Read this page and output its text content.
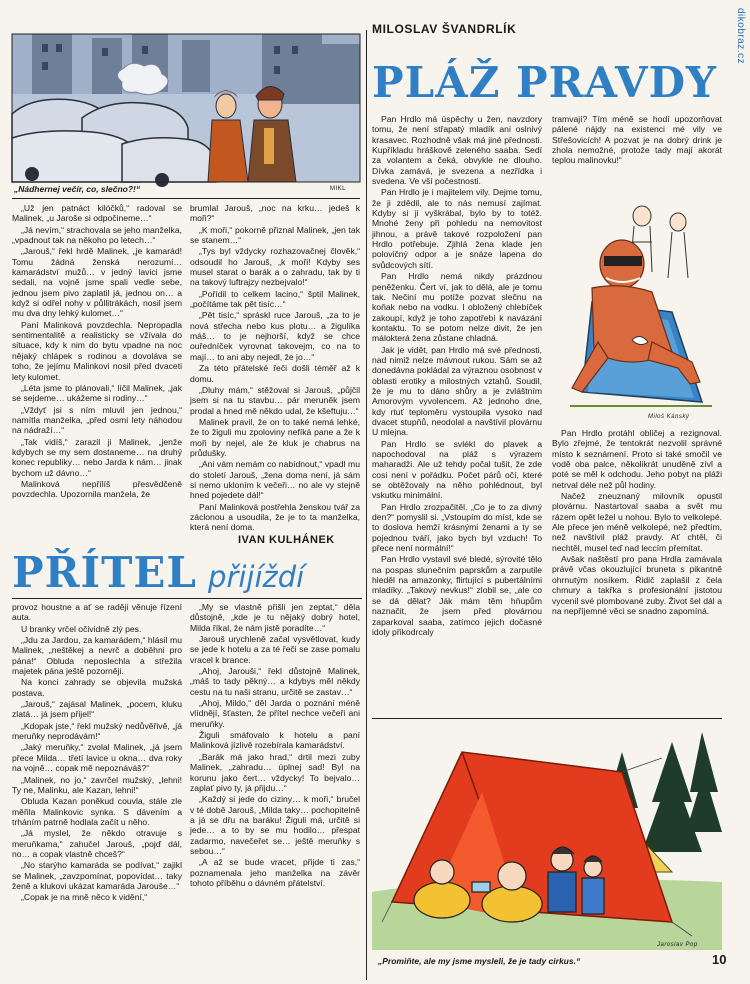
dikobraz.cz
„Nádhernej večír, co, slečno?!“	MIKL

„Už jen patnáct kilóčků,“ radoval se Malinek, „u Jaroše si odpočineme…“

„Já nevím,“ strachovala se jeho manželka, „vpadnout tak na někoho po letech…“

„Jarouš,“ řekl hrdě Malinek, „je kamarád! Tomu žádná ženská nerozumí… kamarádství mužů… v jedný lavici jsme sedali, na vojně jsme spali vedle sebe, jednou jsem pivo zaplatil já, jednou on… a když si odřel nohy v půllitrákách, nosil jsem mu dva dny lehký kulomet…“

Paní Malinková povzdechla. Nepropadla sentimentalitě a realisticky se vžívala do situace, kdy k nim do bytu vpadne na noc nějaký chlápek s rodinou a dovoláva se toho, že jejímu Malinkovi nosil před dvaceti lety kulomet.

„Léta jsme to plánovali,“ líčil Malinek, „jak se sejdeme… ukážeme si rodiny…“

„Vždyť jsi s ním mluvil jen jednou,“ namítla manželka, „před osmi lety náhodou na nádraží…“

„Tak vidíš,“ zarazil ji Malinek, „jenže kdybych se my sem dostaneme… na druhý konec republiky… nebo Jarda k nám… jinak bychom už dávno…“

Malinková nepřílíš přesvědčeně povzdechla. Upozornila manžela, že

brumlal Jarouš, „noc na krku… jedeš k moři?“

„K moři,“ pokorně přiznal Malinek, „jen tak se stanem…“

„Tys byl vždycky rozhazovačnej člověk,“ odsoudil ho Jarouš, „k moři! Kdyby ses musel starat o barák a o zahradu, tak by ti na takový luftrajzy nezbejvalo!“

„Pořídil to celkem lacino,“ šptil Malinek, „počítáme tak pět tisíc…“

„Pět tisíc,“ spráskl ruce Jarouš, „za to je nová střecha nebo kus plotu… a žigulíka máš… to je nejhorší, když se chce ouředníček vyrovnat takovejm, co na to mají… to ani aby nejedl, že jo…“

Za této přátelské řeči došli téměř až k domu.

„Dluhy mám,“ stěžoval si Jarouš, „půjčil jsem si na tu stavbu… pár meruněk jsem prodal a hned mě někdo udal, že kšeftuju…“

Malinek pravil, že on to také nemá lehké, že to žiguli mu zpoloviny nefíká pane a že k moři by nejel, ale že kluk je chabrus na průdušky.

„Ani vám nemám co nabídnout,“ vpadl mu do století Jarouš, „žena doma není, já sám si nemo ukloním k večeři… no ale vy stejně hned pojedete dál!“

Paní Malinková postřehla ženskou tvář za záclonou a usoudila, že je to ta manželka, která není doma.

IVAN KULHÁNEK
PŘÍTEL přijíždí

provoz houstne a ať se raději věnuje řízení auta.

U branky vrčel očividně zlý pes.

„Jdu za Jardou, za kamarádem,“ hlásil mu Malinek, „neštěkej a nevrč a doběhni pro pána!“ Obluda neposlechla a střežila majetek pána ještě pozorněji.

Na konci zahrady se objevila mužská postava.

„Jarouš,“ zajásal Malinek, „pocem, kluku zlatá… já jsem přijel!“

„Kdopak jste,“ řekl mužský nedůvěřivě, „já meruňky neprodávám!“

„Jaký meruňky,“ zvolal Malinek, „já jsem přece Milda… třetí lavice u okna… dva roky na vojně… copak mě nepoznáváš?“

„Malinek, no jo,“ zavrčel mužský, „lehni! Ty ne, Malinku, ale Kazan, lehni!“

Obluda Kazan poněkud couvla, stále zle měřila Malinkovic synka. S dávením a trháním patrně hodlala začít u něho.

„Já myslel, že někdo otravuje s meruňkama,“ zahučel Jarouš, „pojď dál, no… a copak vlastně chceš?“

„No starýho kamaráda se podívat,“ zajikl se Malinek, „zavzpomínat, popovídat… taky ženě a klukovi ukázat kamaráda Jarouše…“

„Copak je na mně něco k vidění,“

„My se vlastně přišli jen zeptat,“ děla důstojně, „kde je tu nějaký dobrý hotel, Milda říkal, že nám jistě poradíte…“

Jarouš urychleně začal vysvětlovat, kudy se jede k hotelu a za té řeči se zase pomalu vracel k brance.

„Ahoj, Jarouši,“ řekl důstojně Malinek, „máš to tady pěkný… a kdybys měl někdy cestu na tu naši stranu, určitě se zastav…“

„Ahoj, Mildo,“ děl Jarda o poznání méně vlídnějí, šťasten, že přítel nechce večeři ani meruňky.

Žiguli smáfovalo k hotelu a paní Malinková jízlivě rozebírala kamarádství.

„Barák má jako hrad,“ drtil mezi zuby Malinek, „zahradu… úplnej sad! Byl na korunu jako čert… vždycky! To bejvalo… zaplať pivo ty, já přijdu…“

„Každý si jede do ciziny… k moři,“ bručel v té době Jarouš, „Milda taky… pochopitelně a já se dřu na baráku! Žiguli má, určitě si jede… a to by se mu hodilo… přespat zadarmo, navečeřet se… ještě meruňky s sebou…“

„A až se bude vracet, přijde ti zas,“ poznamenala jeho manželka na závěr tohoto příběhu o dávném přátelství.

MILOSLAV ŠVANDRLÍK
PLÁŽ PRAVDY

Pan Hrdlo má úspěchy u žen, navzdory tomu, že není střapatý mladík ani oslnivý krasavec. Rozhodně však má jiné přednosti. Kupříkladu hráškově zeleného saaba. Sedí za volantem a čeká, obvykle ne dlouho. Dívka zamává, je svezena a nezřídka i svedena. Ve vší počestnosti.

Pan Hrdlo je i majitelem vily. Dejme tomu, že ji zdědil, ale to nás nemusí zajímat. Kdyby si ji vyškrábal, bylo by to totéž. Mnohé ženy při pohledu na nemovitost jihnou, a právě takové rozpoložení pan Hrdlo potřebuje. Zjihlá žena klade jen polovičný odpor a je snáze lapena do svůdcových sítí.

Pan Hrdlo nemá nikdy prázdnou peněženku. Čert ví, jak to dělá, ale je tomu tak. Nečiní mu potíže pozvat slečnu na koňak nebo na vodku. I obložený chlebíček zakoupí, když je toho zapotřebí k navázání kontaktu. To se potom nelze divit, že jen málokterá žena zůstane chladná.

Jak je vidět, pan Hrdlo má své přednosti, nad nimiž nelze mávnout rukou. Sám se až donedávna pokládal za výraznou osobnost v oblasti erotiky a milostných vztahů. Soudil, že je mu to dáno shůry a je zvláštním Amorovým vyvolencem. Až jednoho dne, kdy rtuť teploměru vystoupila vysoko nad dvacet stupňů, neodolal a navštívil plovárnu U mlejna.

Pan Hrdlo se svlékl do plavek a napochodoval na pláž s výrazem maharadži. Ale už tehdy počal tušit, že zde cosi není v pořádku. Počet párů očí, které se obtěžovaly na něho pohlédnout, byl vskutku minimální.

Pan Hrdlo zrozpačitěl. „Co je to za divný den?“ pomyslil si. „Vstoupím do míst, kde se to doslova hemží krásnými ženami a ty se pojednou tváří, jako bych byl vzduch! To přece není normální!“

Pan Hrdlo vystavil své bledé, sýrovité tělo na pospas slunečním paprskům a zarputile hleděl na amazonky, flirtující s pubertálními mladíky. „Takový nevkus!“ zlobil se, „ale co se dá dělat? Ják mám těm hňupům naznačit, že jsem před plovárnou zaparkoval saaba, zatímco jejich dočasné idoly přikodrcaly

tramvají? Tím méně se hodí upozorňovat pálené nájdy na existenci mé vily ve Střešovicích! A pozvat je na dobrý drink je zhola nemožné, protože tady mají akorát teplou malinovku!“

Miloš Kánský

Pan Hrdlo protáhl obličej a rezignoval. Bylo zřejmé, že tentokrát nezvolil správné místo k seznámení. Proto si také smočil ve vodě oba palce, několikrát unuděně zívl a poté se měl k odchodu. Jeho pobyt na pláži netrval déle než půl hodiny.

Načež zneuznaný milovník opustil plovárnu. Nastartoval saaba a svět mu rázem opět ležel u nohou. Bylo to velkolepé. Ale přece jen méně velkolepé, než předtím, než navštívil pláž pravdy. Ať chtěl, či nechtěl, musel teď nad leccím přemítat.

Avšak naštěstí pro pana Hrdla zamávala právě včas okouzlující bruneta s pikantně ohrnutým nosíkem. Řidič zaplašil z čela chmury a takřka s profesionální jistotou vycenil své plombované zuby. Život šel dál a na nepříjemné věci se snadno zapomíná.

Jaroslav Pop
„Promiňte, ale my jsme mysleli, že je tady cirkus.“	10
